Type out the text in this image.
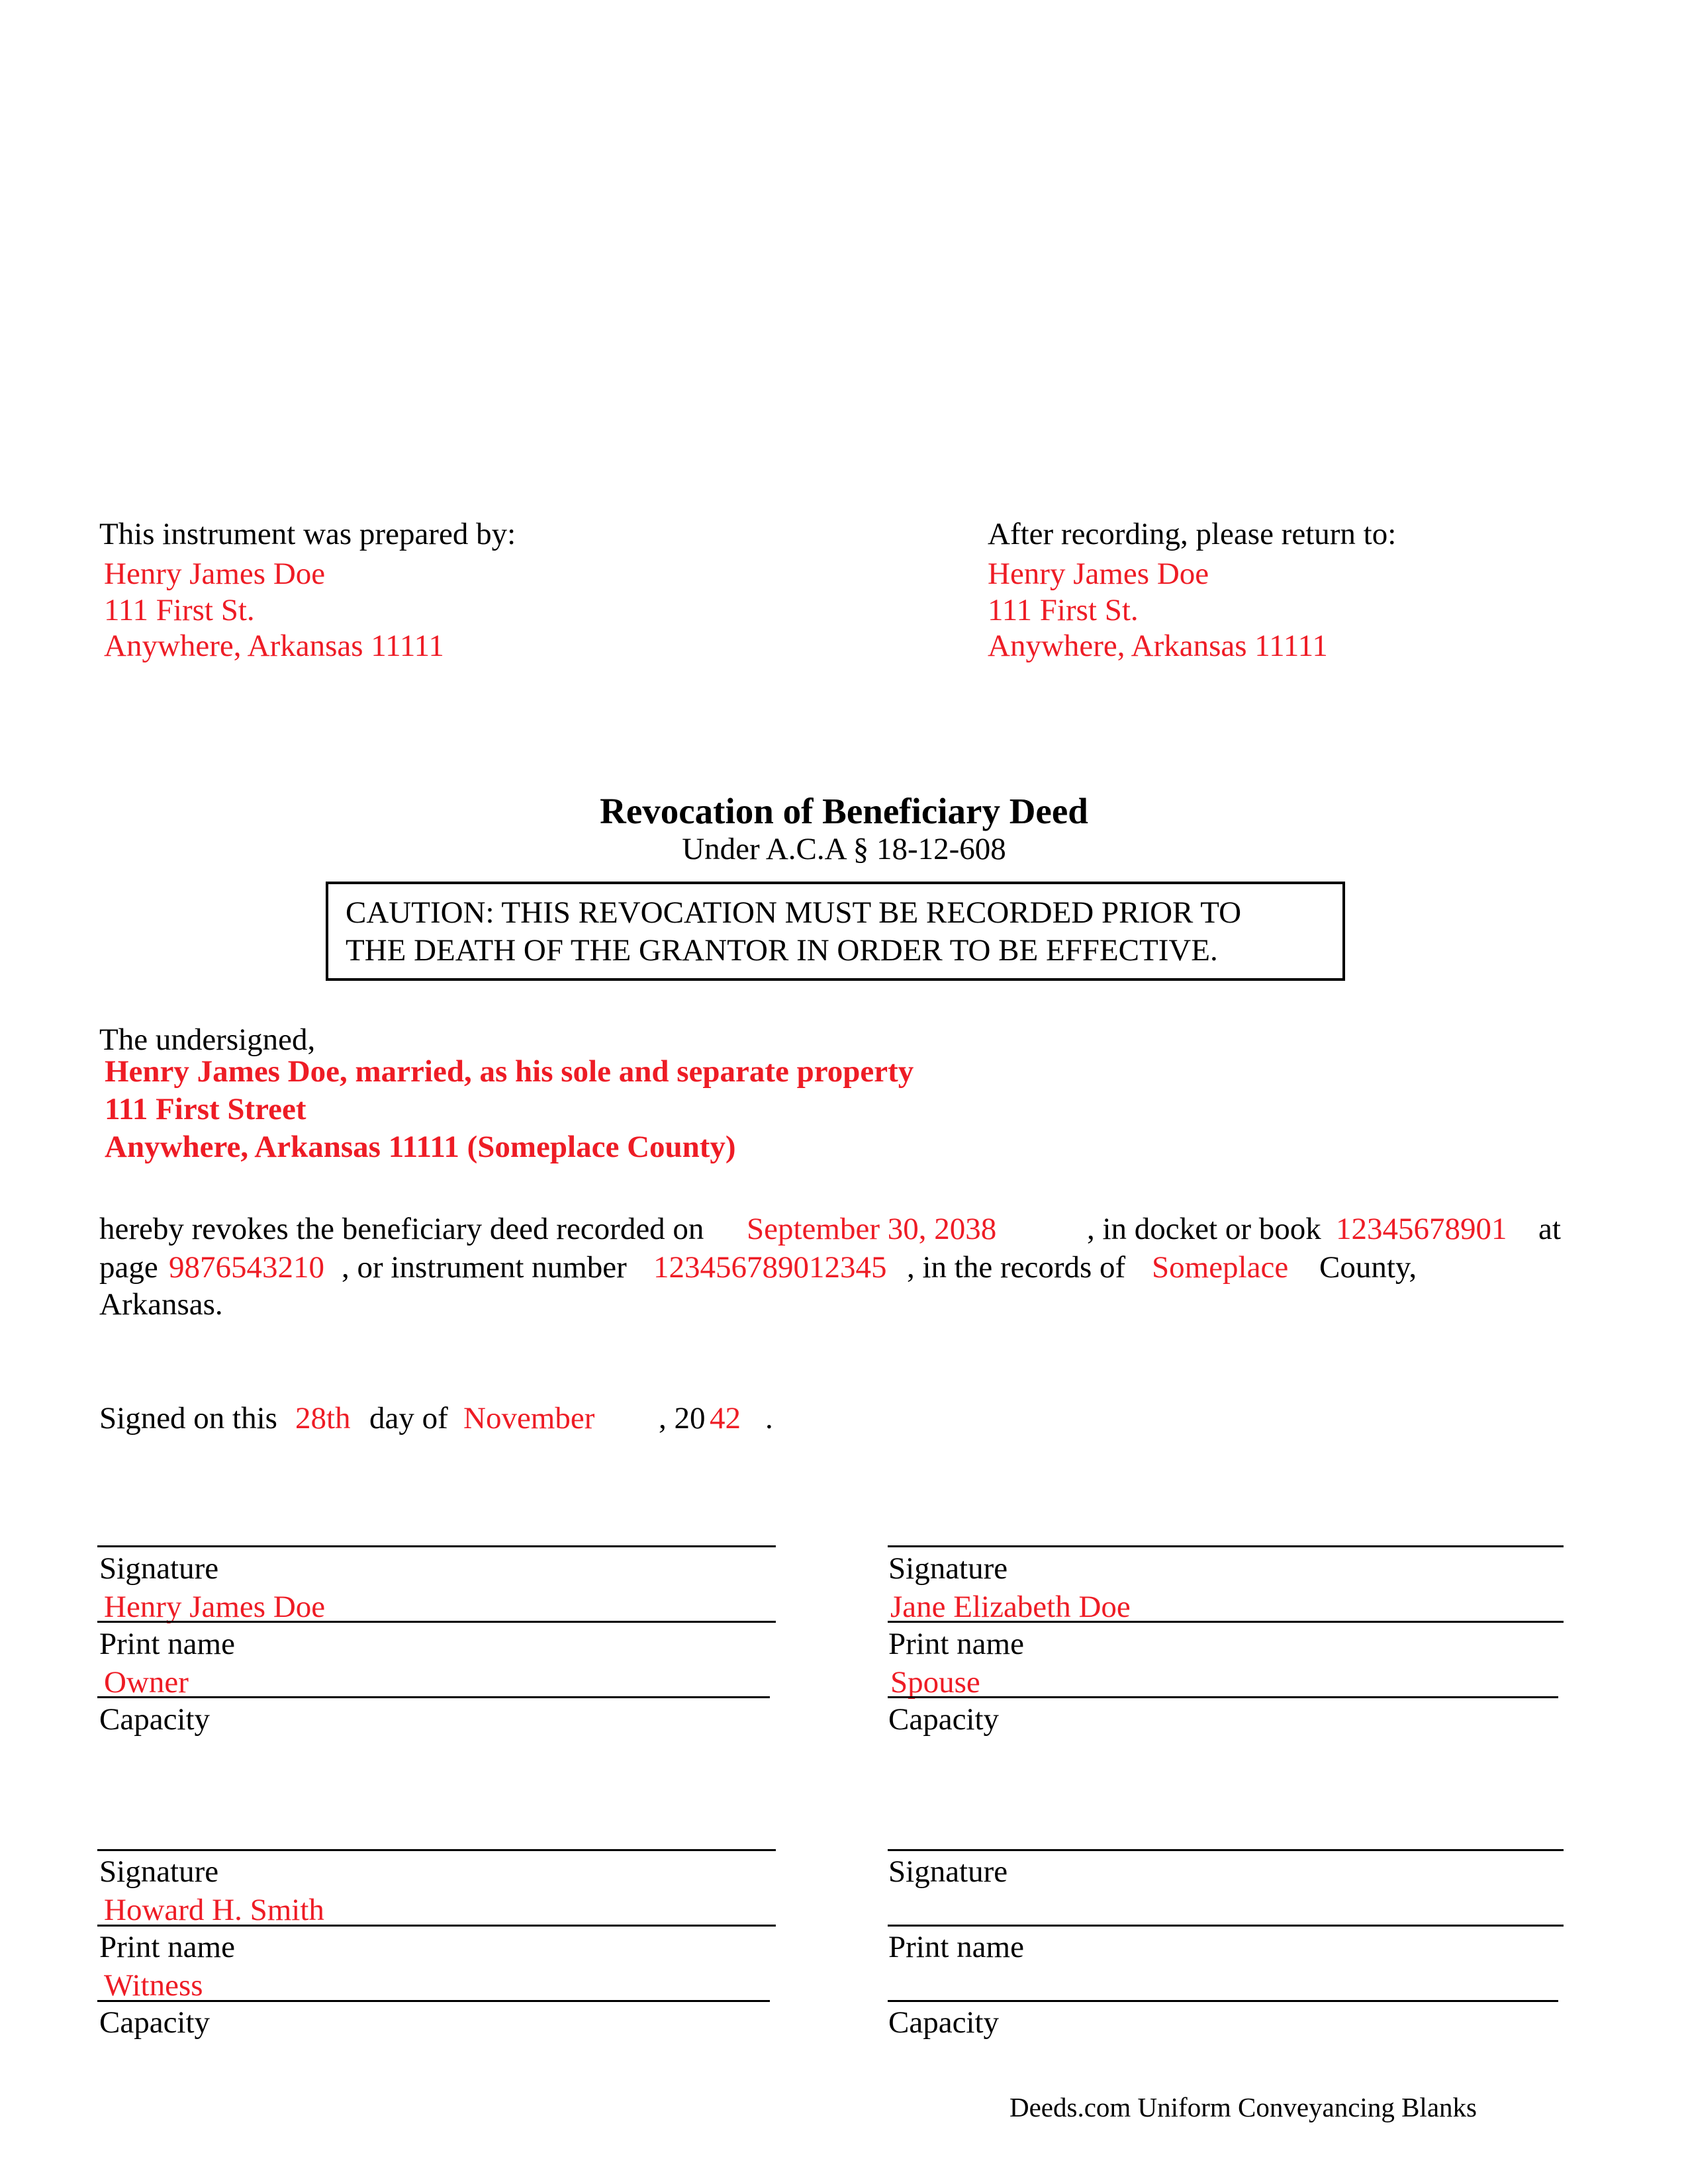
This instrument was prepared by:
Henry James Doe
111 First St.
Anywhere, Arkansas 11111
After recording, please return to:
Henry James Doe
111 First St.
Anywhere, Arkansas 11111
Revocation of Beneficiary Deed
Under A.C.A § 18-12-608
CAUTION: THIS REVOCATION MUST BE RECORDED PRIOR TO
THE DEATH OF THE GRANTOR IN ORDER TO BE EFFECTIVE.
The undersigned,
Henry James Doe, married, as his sole and separate property
111 First Street
Anywhere, Arkansas 11111 (Someplace County)
hereby revokes the beneficiary deed recorded on September 30, 2038	, in docket or book 12345678901 at
page 9876543210 , or instrument number 123456789012345 , in the records of Someplace County,
Arkansas.
Signed on this 28th day of November , 20 42 .
Signature
Henry James Doe
Print name
Owner
Capacity
Signature
Jane Elizabeth Doe
Print name
Spouse
Capacity
Signature
Howard H. Smith
Print name
Witness
Capacity
Signature
Print name
Capacity
Deeds.com Uniform Conveyancing Blanks
